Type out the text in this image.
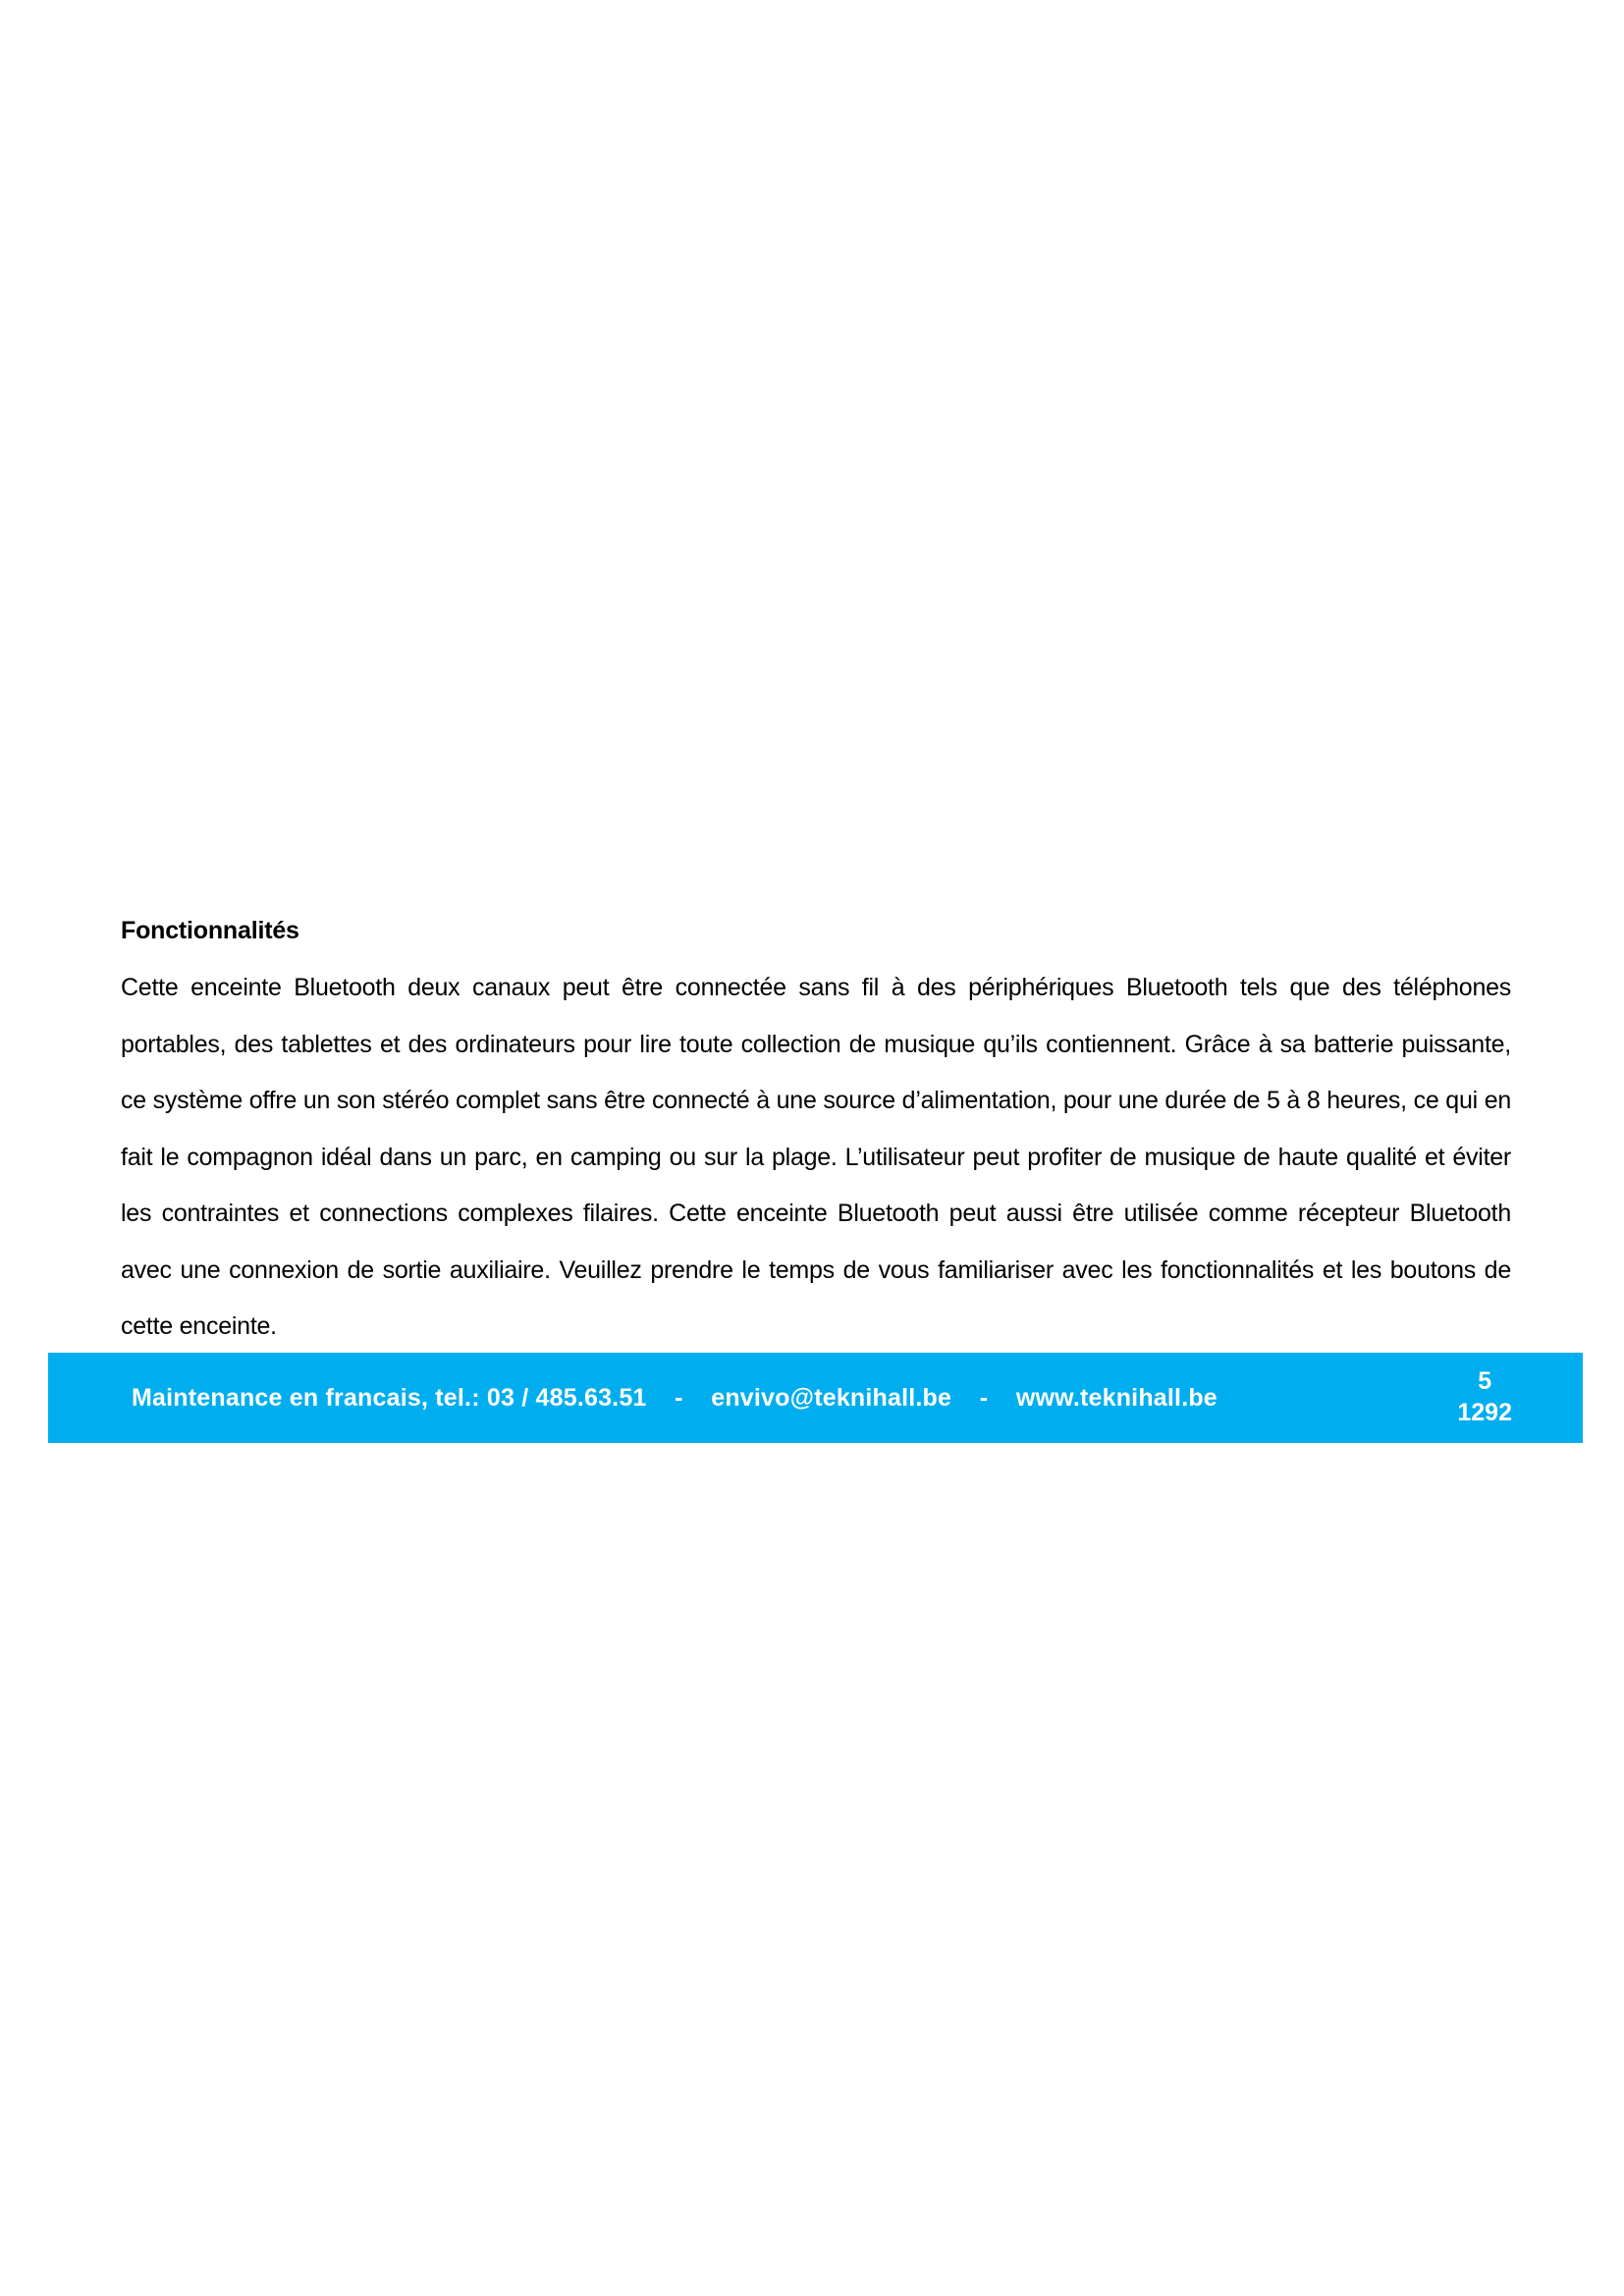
Fonctionnalités

Cette enceinte Bluetooth deux canaux peut être connectée sans fil à des périphériques Bluetooth tels que des téléphones portables, des tablettes et des ordinateurs pour lire toute collection de musique qu’ils contiennent. Grâce à sa batterie puissante, ce système offre un son stéréo complet sans être connecté à une source d’alimentation, pour une durée de 5 à 8 heures, ce qui en fait le compagnon idéal dans un parc, en camping ou sur la plage. L’utilisateur peut profiter de musique de haute qualité et éviter les contraintes et connections complexes filaires. Cette enceinte Bluetooth peut aussi être utilisée comme récepteur Bluetooth avec une connexion de sortie auxiliaire. Veuillez prendre le temps de vous familiariser avec les fonctionnalités et les boutons de cette enceinte.

Maintenance en francais, tel.: 03 / 485.63.51    -    envivo@teknihall.be    -    www.teknihall.be
5
1292
